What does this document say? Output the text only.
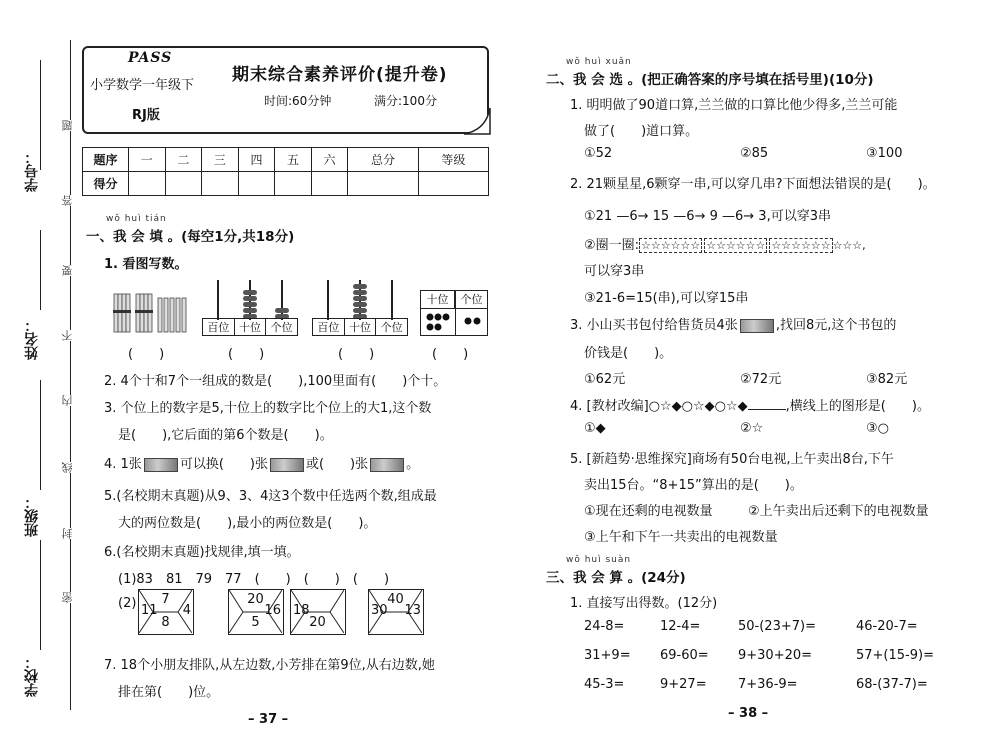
学号：
姓名：
班级：
学校：
题
答
要
不
内
线
封
密
PASS
小学数学一年级下
RJ版
期末综合素养评价(提升卷)
时间:60分钟	满分:100分
题序	一	二	三	四	五	六	总分	等级
得分								
wǒ huì tián
一、我 会 填 。(每空1分,共18分)
1. 看图写数。
(　　)
百位 十位 个位
(　　)
百位 十位 个位
(　　)
十位	个位
(　　)
2. 4个十和7个一组成的数是(　　),100里面有(　　)个十。
3. 个位上的数字是5,十位上的数字比个位上的大1,这个数
是(　　),它后面的第6个数是(　　)。
4. 1张	可以换(　　)张	或(　　)张	。
5.(名校期末真题)从9、3、4这3个数中任选两个数,组成最
大的两位数是(　　),最小的两位数是(　　)。
6.(名校期末真题)找规律,填一填。
(1)83　81　79　77　(　　)　(　　)　(　　)
(2) 11
7
4
8
20
16
5
18
20
30
40
13
7. 18个小朋友排队,从左边数,小芳排在第9位,从右边数,她
排在第(　　)位。
– 37 –
wǒ huì xuǎn
二、我 会 选 。(把正确答案的序号填在括号里)(10分)
1. 明明做了90道口算,兰兰做的口算比他少得多,兰兰可能
做了(　　)道口算。
①52	②85	③100
2. 21颗星星,6颗穿一串,可以穿几串?下面想法错误的是(　　)。
①21 —6→ 15 —6→ 9 —6→ 3,可以穿3串
②圈一圈: ☆☆☆☆☆☆ ☆☆☆☆☆☆ ☆☆☆☆☆☆ ☆☆☆,
可以穿3串
③21-6=15(串),可以穿15串
3. 小山买书包付给售货员4张	,找回8元,这个书包的
价钱是(　　)。
①62元	②72元	③82元
4. [教材改编]○☆◆○☆◆○☆◆	,横线上的图形是(　　)。
①◆	②☆	③○
5. [新趋势·思维探究]商场有50台电视,上午卖出8台,下午
卖出15台。“8+15”算出的是(　　)。
①现在还剩的电视数量	②上午卖出后还剩下的电视数量
③上午和下午一共卖出的电视数量
wǒ huì suàn
三、我 会 算 。(24分)
1. 直接写出得数。(12分)
24-8=	12-4=	50-(23+7)=	46-20-7=
31+9= 69-60= 9+30+20=	57+(15-9)=
45-3=	9+27= 7+36-9=	68-(37-7)=
– 38 –
